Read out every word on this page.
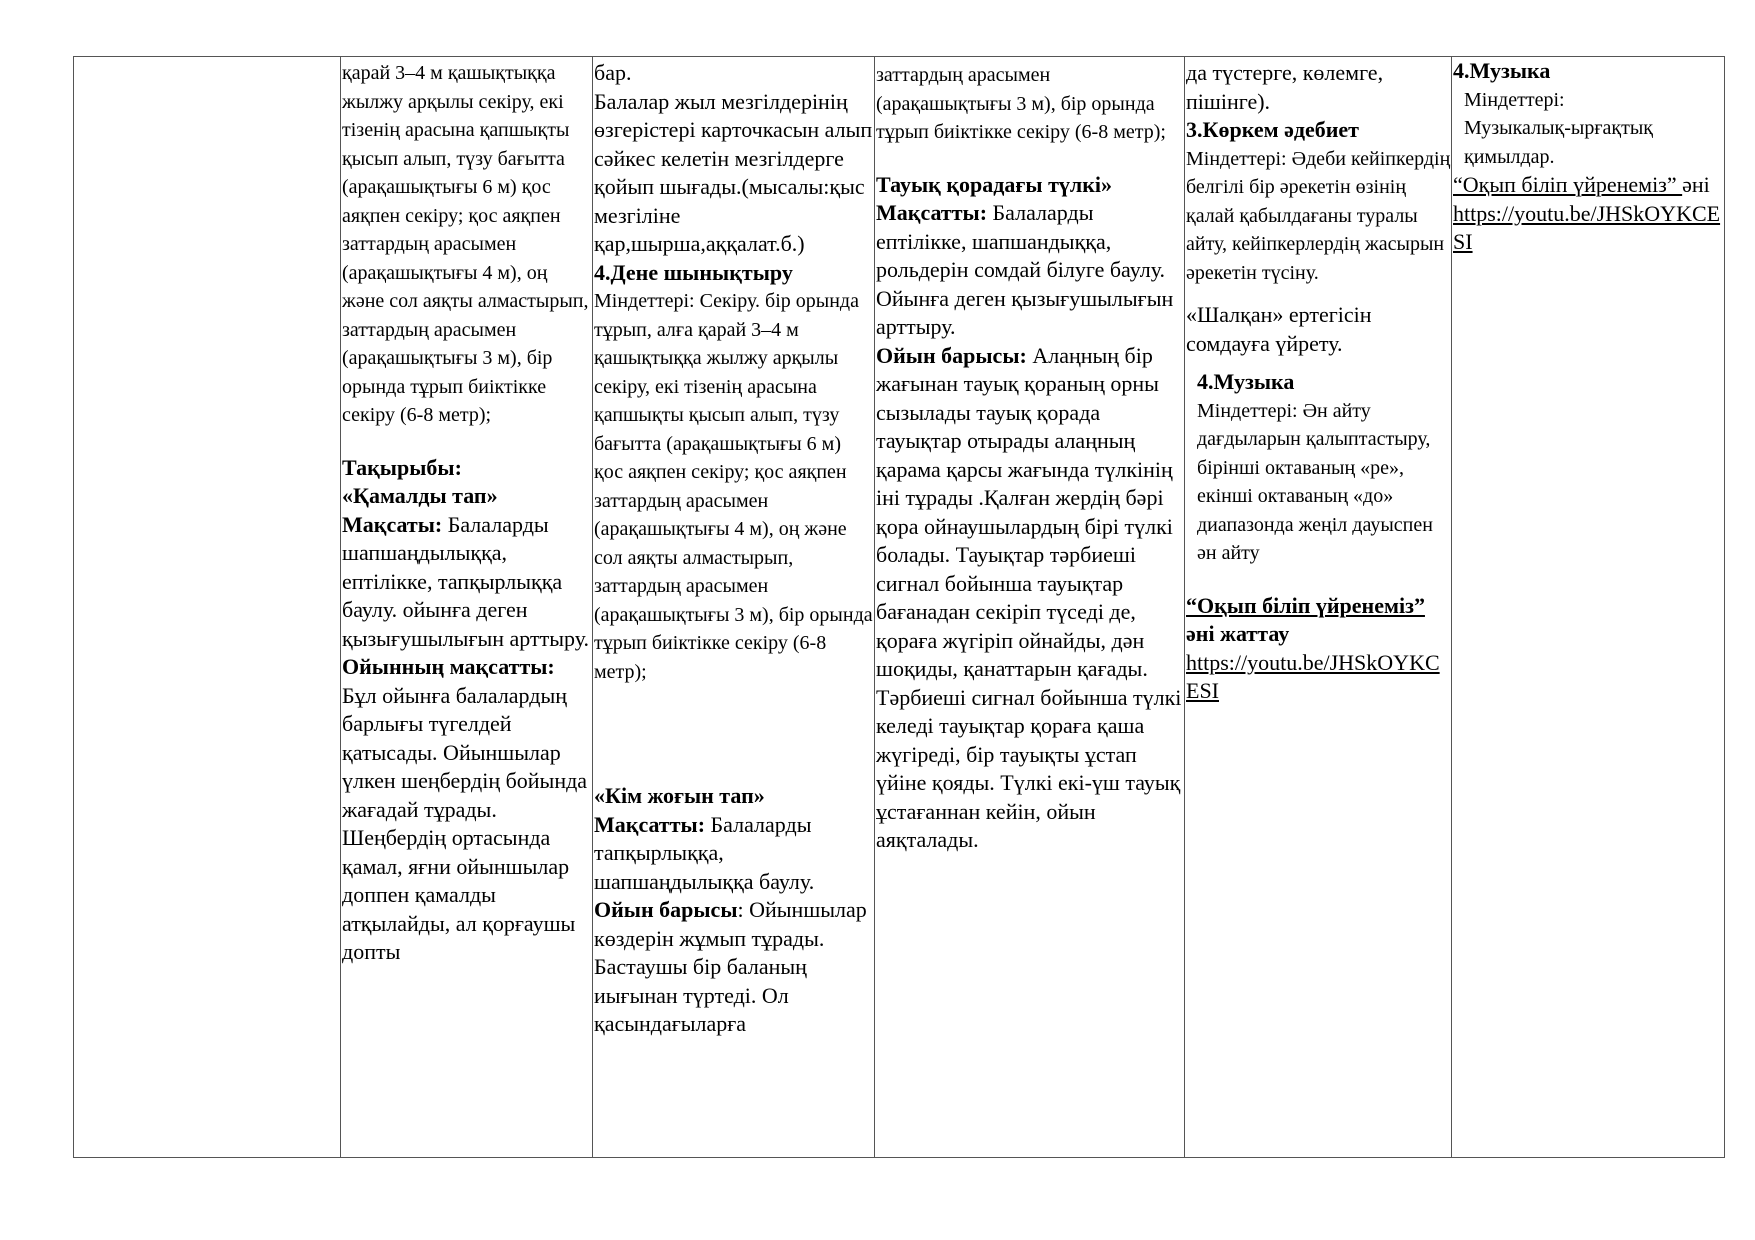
қарай 3–4 м қашықтыққа жылжу арқылы секіру, екі тізенің арасына қапшықты қысып алып, түзу бағытта (арақашықтығы 6 м) қос аяқпен секіру; қос аяқпен заттардың арасымен (арақашықтығы 4 м), оң және сол аяқты алмастырып, заттардың арасымен (арақашықтығы 3 м), бір орында тұрып биіктікке секіру (6-8 метр);
Тақырыбы:
«Қамалды тап»
Мақсаты: Балаларды шапшаңдылыққа, ептілікке, тапқырлыққа баулу. ойынға деген қызығушылығын арттыру.
Ойынның мақсатты:
Бұл ойынға балалардың барлығы түгелдей қатысады. Ойыншылар үлкен шеңбердің бойында жағадай тұрады. Шеңбердің ортасында қамал, яғни ойыншылар доппен қамалды атқылайды, ал қорғаушы допты

бар.
Балалар жыл мезгілдерінің өзгерістері карточкасын алып сәйкес келетін мезгілдерге қойып шығады.(мысалы:қыс мезгіліне қар,шырша,аққалат.б.)
4.Дене шынықтыру
Міндеттері: Секіру. бір орында тұрып, алға қарай 3–4 м қашықтыққа жылжу арқылы секіру, екі тізенің арасына қапшықты қысып алып, түзу бағытта (арақашықтығы 6 м) қос аяқпен секіру; қос аяқпен заттардың арасымен (арақашықтығы 4 м), оң және сол аяқты алмастырып, заттардың арасымен (арақашықтығы 3 м), бір орында тұрып биіктікке секіру (6-8 метр);
«Кім жоғын тап»
Мақсатты: Балаларды тапқырлыққа, шапшаңдылыққа баулу.
Ойын барысы: Ойыншылар көздерін жұмып тұрады. Бастаушы бір баланың иығынан түртеді. Ол қасындағыларға

заттардың арасымен (арақашықтығы 3 м), бір орында тұрып биіктікке секіру (6-8 метр);
Тауық қорадағы түлкі»
Мақсатты: Балаларды ептілікке, шапшандыққа, рольдерін сомдай білуге баулу. Ойынға деген қызығушылығын арттыру.
Ойын барысы: Алаңның бір жағынан тауық қораның орны сызылады тауық қорада тауықтар отырады алаңның қарама қарсы жағында түлкінің іні тұрады .Қалған жердің бәрі қора ойнаушылардың бірі түлкі болады. Тауықтар тәрбиеші сигнал бойынша тауықтар бағанадан секіріп түседі де, қораға жүгіріп ойнайды, дән шоқиды, қанаттарын қағады. Тәрбиеші сигнал бойынша түлкі келеді тауықтар қораға қаша жүгіреді, бір тауықты ұстап үйіне қояды. Түлкі екі-үш тауық ұстағаннан кейін, ойын аяқталады.

да түстерге, көлемге, пішінге).
3.Көркем әдебиет
Міндеттері: Әдеби кейіпкердің белгілі бір әрекетін өзінің қалай қабылдағаны туралы айту, кейіпкерлердің жасырын әрекетін түсіну.
«Шалқан» ертегісін сомдауға үйрету.
4.Музыка
Міндеттері: Ән айту дағдыларын қалыптастыру, бірінші октаваның «ре», екінші октаваның «до» диапазонда жеңіл дауыспен ән айту
“Оқып біліп үйренеміз” әні жаттау
https://youtu.be/JHSkOYKCESI

4.Музыка
Міндеттері:
Музыкалық-ырғақтық қимылдар.
“Оқып біліп үйренеміз” әні
https://youtu.be/JHSkOYKCESI
